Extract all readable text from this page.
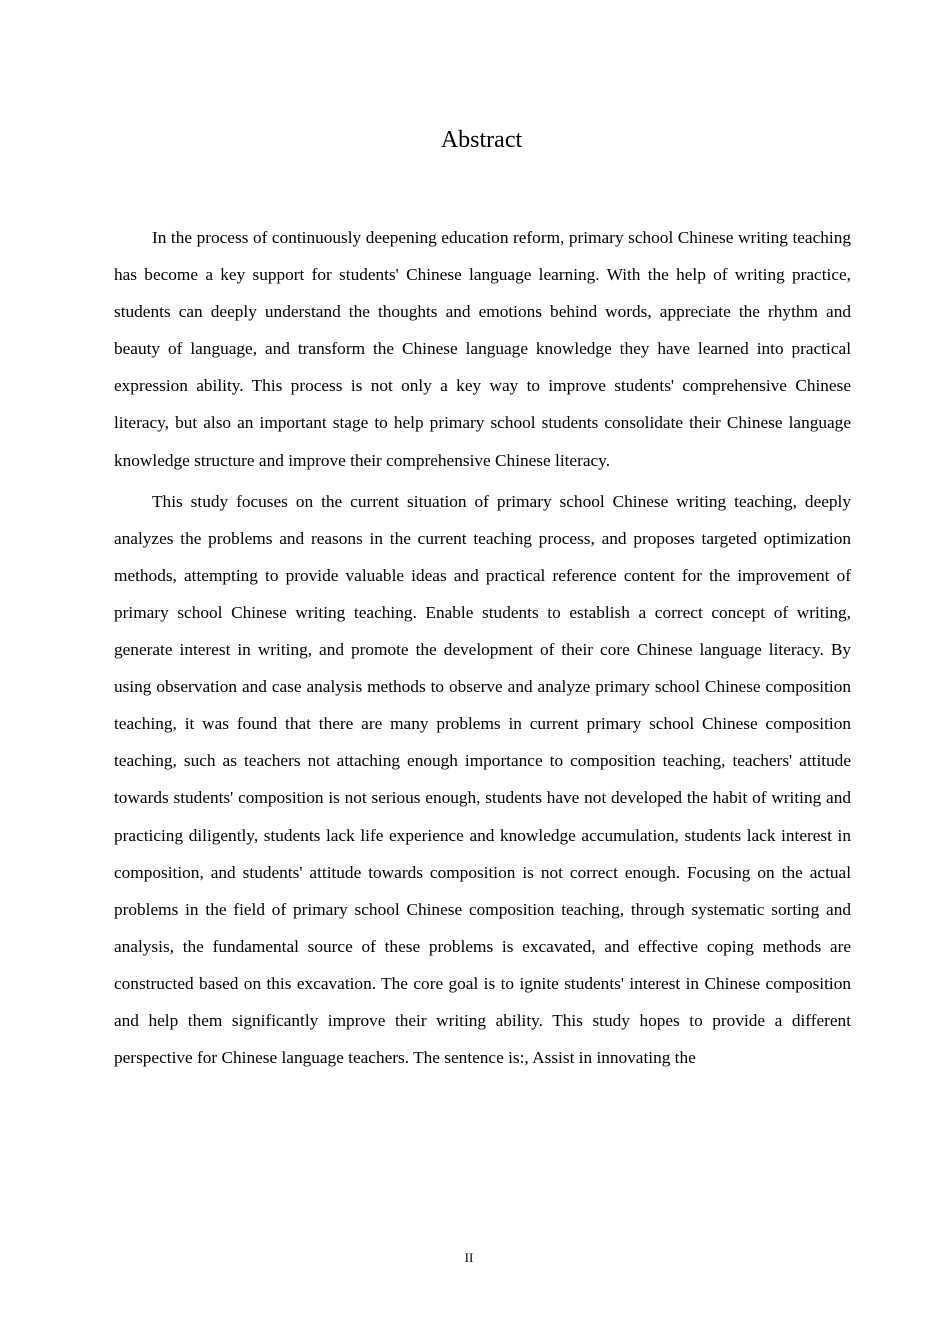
Abstract

In the process of continuously deepening education reform, primary school Chinese writing teaching has become a key support for students' Chinese language learning. With the help of writing practice, students can deeply understand the thoughts and emotions behind words, appreciate the rhythm and beauty of language, and transform the Chinese language knowledge they have learned into practical expression ability. This process is not only a key way to improve students' comprehensive Chinese literacy, but also an important stage to help primary school students consolidate their Chinese language knowledge structure and improve their comprehensive Chinese literacy.

This study focuses on the current situation of primary school Chinese writing teaching, deeply analyzes the problems and reasons in the current teaching process, and proposes targeted optimization methods, attempting to provide valuable ideas and practical reference content for the improvement of primary school Chinese writing teaching. Enable students to establish a correct concept of writing, generate interest in writing, and promote the development of their core Chinese language literacy. By using observation and case analysis methods to observe and analyze primary school Chinese composition teaching, it was found that there are many problems in current primary school Chinese composition teaching, such as teachers not attaching enough importance to composition teaching, teachers' attitude towards students' composition is not serious enough, students have not developed the habit of writing and practicing diligently, students lack life experience and knowledge accumulation, students lack interest in composition, and students' attitude towards composition is not correct enough. Focusing on the actual problems in the field of primary school Chinese composition teaching, through systematic sorting and analysis, the fundamental source of these problems is excavated, and effective coping methods are constructed based on this excavation. The core goal is to ignite students' interest in Chinese composition and help them significantly improve their writing ability. This study hopes to provide a different perspective for Chinese language teachers. The sentence is:, Assist in innovating the

II
